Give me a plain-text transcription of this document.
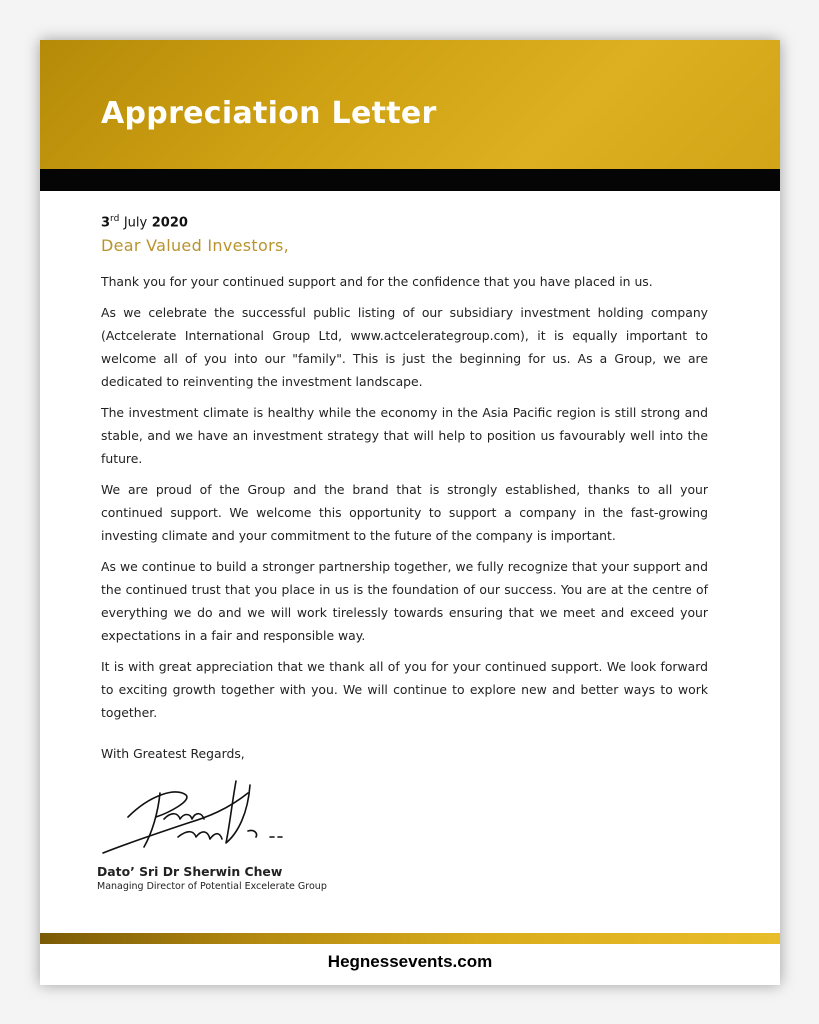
Appreciation Letter

3rd July 2020

Dear Valued Investors,

Thank you for your continued support and for the confidence that you have placed in us.

As we celebrate the successful public listing of our subsidiary investment holding company (Actcelerate International Group Ltd, www.actcelerategroup.com), it is equally important to welcome all of you into our "family". This is just the beginning for us. As a Group, we are dedicated to reinventing the investment landscape.

The investment climate is healthy while the economy in the Asia Pacific region is still strong and stable, and we have an investment strategy that will help to position us favourably well into the future.

We are proud of the Group and the brand that is strongly established, thanks to all your continued support. We welcome this opportunity to support a company in the fast-growing investing climate and your commitment to the future of the company is important.

As we continue to build a stronger partnership together, we fully recognize that your support and the continued trust that you place in us is the foundation of our success. You are at the centre of everything we do and we will work tirelessly towards ensuring that we meet and exceed your expectations in a fair and responsible way.

It is with great appreciation that we thank all of you for your continued support. We look forward to exciting growth together with you. We will continue to explore new and better ways to work together.

With Greatest Regards,
Dato’ Sri Dr Sherwin Chew
Managing Director of Potential Excelerate Group
Hegnessevents.com
